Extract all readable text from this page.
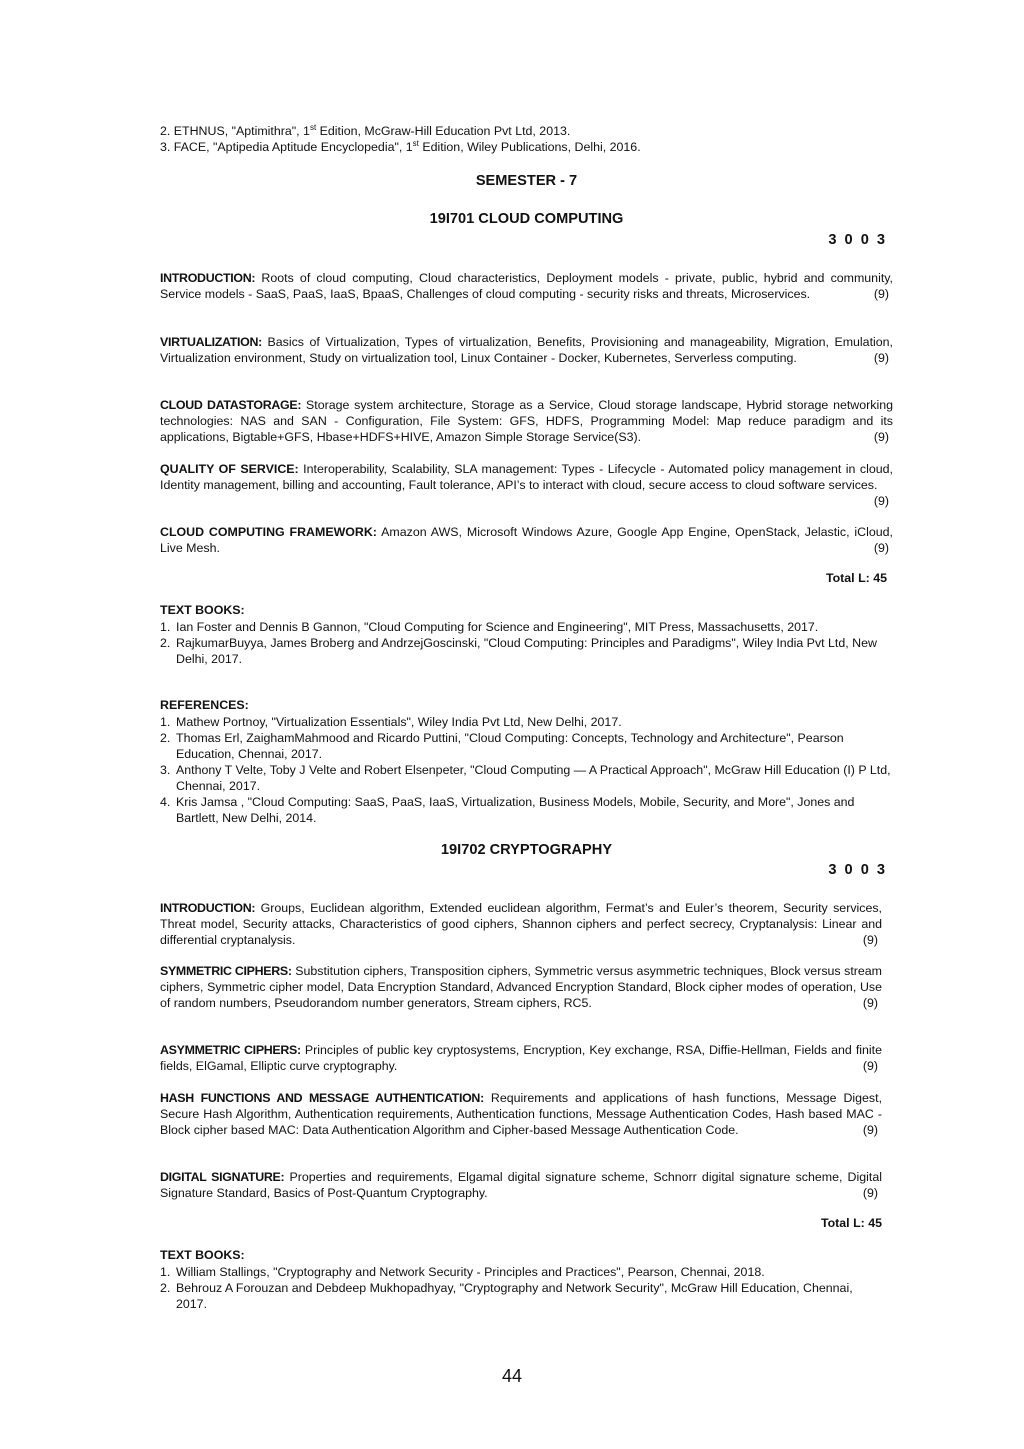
2. ETHNUS, "Aptimithra", 1st Edition, McGraw-Hill Education Pvt Ltd, 2013.
3. FACE, "Aptipedia Aptitude Encyclopedia", 1st Edition, Wiley Publications, Delhi, 2016.
SEMESTER - 7
19I701 CLOUD COMPUTING
3 0 0 3
INTRODUCTION: Roots of cloud computing, Cloud characteristics, Deployment models - private, public, hybrid and community, Service models - SaaS, PaaS, IaaS, BpaaS, Challenges of cloud computing - security risks and threats, Microservices.	(9)
VIRTUALIZATION: Basics of Virtualization, Types of virtualization, Benefits, Provisioning and manageability, Migration, Emulation, Virtualization environment, Study on virtualization tool, Linux Container - Docker, Kubernetes, Serverless computing.	(9)
CLOUD DATASTORAGE: Storage system architecture, Storage as a Service, Cloud storage landscape, Hybrid storage networking technologies: NAS and SAN - Configuration, File System: GFS, HDFS, Programming Model: Map reduce paradigm and its applications, Bigtable+GFS, Hbase+HDFS+HIVE, Amazon Simple Storage Service(S3).	(9)
QUALITY OF SERVICE: Interoperability, Scalability, SLA management: Types - Lifecycle - Automated policy management in cloud, Identity management, billing and accounting, Fault tolerance, API’s to interact with cloud, secure access to cloud software services.
(9)
CLOUD COMPUTING FRAMEWORK: Amazon AWS, Microsoft Windows Azure, Google App Engine, OpenStack, Jelastic, iCloud, Live Mesh.	(9)
Total L: 45
TEXT BOOKS:
1. Ian Foster and Dennis B Gannon, "Cloud Computing for Science and Engineering", MIT Press, Massachusetts, 2017.
2. RajkumarBuyya, James Broberg and AndrzejGoscinski, "Cloud Computing: Principles and Paradigms", Wiley India Pvt Ltd, New Delhi, 2017.
REFERENCES:
1. Mathew Portnoy, "Virtualization Essentials", Wiley India Pvt Ltd, New Delhi, 2017.
2. Thomas Erl, ZaighamMahmood and Ricardo Puttini, "Cloud Computing: Concepts, Technology and Architecture", Pearson Education, Chennai, 2017.
3. Anthony T Velte, Toby J Velte and Robert Elsenpeter, "Cloud Computing — A Practical Approach", McGraw Hill Education (I) P Ltd, Chennai, 2017.
4. Kris Jamsa , "Cloud Computing: SaaS, PaaS, IaaS, Virtualization, Business Models, Mobile, Security, and More", Jones and Bartlett, New Delhi, 2014.
19I702 CRYPTOGRAPHY
3 0 0 3
INTRODUCTION: Groups, Euclidean algorithm, Extended euclidean algorithm, Fermat’s and Euler’s theorem, Security services, Threat model, Security attacks, Characteristics of good ciphers, Shannon ciphers and perfect secrecy, Cryptanalysis: Linear and differential cryptanalysis.	(9)
SYMMETRIC CIPHERS: Substitution ciphers, Transposition ciphers, Symmetric versus asymmetric techniques, Block versus stream ciphers, Symmetric cipher model, Data Encryption Standard, Advanced Encryption Standard, Block cipher modes of operation, Use of random numbers, Pseudorandom number generators, Stream ciphers, RC5.	(9)
ASYMMETRIC CIPHERS: Principles of public key cryptosystems, Encryption, Key exchange, RSA, Diffie-Hellman, Fields and finite fields, ElGamal, Elliptic curve cryptography.	(9)
HASH FUNCTIONS AND MESSAGE AUTHENTICATION: Requirements and applications of hash functions, Message Digest, Secure Hash Algorithm, Authentication requirements, Authentication functions, Message Authentication Codes, Hash based MAC - Block cipher based MAC: Data Authentication Algorithm and Cipher-based Message Authentication Code.	(9)
DIGITAL SIGNATURE: Properties and requirements, Elgamal digital signature scheme, Schnorr digital signature scheme, Digital Signature Standard, Basics of Post-Quantum Cryptography.	(9)
Total L: 45
TEXT BOOKS:
1. William Stallings, "Cryptography and Network Security - Principles and Practices", Pearson, Chennai, 2018.
2. Behrouz A Forouzan and Debdeep Mukhopadhyay, "Cryptography and Network Security", McGraw Hill Education, Chennai, 2017.
44
